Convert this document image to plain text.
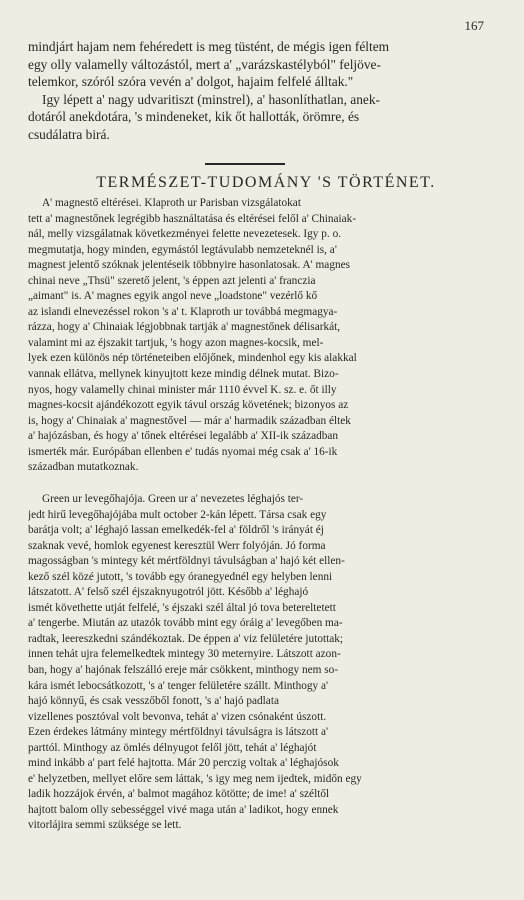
167
mindjárt hajam nem fehéredett is meg tüstént, de mégis igen féltem
egy olly valamelly változástól, mert a' „varázskastélyból" feljöve-
telemkor, szóról szóra vevén a' dolgot, hajaim felfelé álltak."
Igy lépett a' nagy udvaritiszt (minstrel), a' hasonlíthatlan, anek-
dotáról anekdotára, 's mindeneket, kik őt hallották, örömre, és
csudálatra birá.
TERMÉSZET-TUDOMÁNY 'S TÖRTÉNET.
A' magnestő eltérései. Klaproth ur Parisban vizsgálatokat
tett a' magnestőnek legrégibb használtatása és eltérései felől a' Chinaiak-
nál, melly vizsgálatnak következményei felette nevezetesek. Igy p. o.
megmutatja, hogy minden, egymástól legtávulabb nemzeteknél is, a'
magnest jelentő szóknak jelentéseik többnyire hasonlatosak. A' magnes
chinai neve „Thsü" szerető jelent, 's éppen azt jelenti a' franczia
„aimant" is. A' magnes egyik angol neve „loadstone" vezérlő kő
az islandi elnevezéssel rokon 's a' t. Klaproth ur továbbá megmagya-
rázza, hogy a' Chinaiak légjobbnak tartják a' magnestőnek délisarkát,
valamint mi az éjszakit tartjuk, 's hogy azon magnes-kocsik, mel-
lyek ezen különös nép történeteiben előjőnek, mindenhol egy kis alakkal
vannak ellátva, mellynek kinyujtott keze mindig délnek mutat. Bizo-
nyos, hogy valamelly chinai minister már 1110 évvel K. sz. e. őt illy
magnes-kocsit ajándékozott egyik távul ország követének; bizonyos az
is, hogy a' Chinaiak a' magnestővel — már a' harmadik században éltek
a' hajózásban, és hogy a' tőnek eltérései legalább a' XII-ik században
ismerték már. Európában ellenben e' tudás nyomai még csak a' 16-ik
században mutatkoznak.
Green ur levegőhajója. Green ur a' nevezetes léghajós ter-
jedt hirű levegőhajójába mult october 2-kán lépett. Társa csak egy
barátja volt; a' léghajó lassan emelkedék-fel a' földről 's irányát éj
szaknak vevé, homlok egyenest keresztül Werr folyóján. Jó forma
magosságban 's mintegy két mértföldnyi távulságban a' hajó két ellen-
kező szél közé jutott, 's tovább egy óranegyednél egy helyben lenni
látszatott. A' felső szél éjszaknyugotról jött. Később a' léghajó
ismét követhette utját felfelé, 's éjszaki szél által jó tova betereltetett
a' tengerbe. Miután az utazók tovább mint egy óráig a' levegőben ma-
radtak, leereszkedni szándékoztak. De éppen a' viz felületére jutottak;
innen tehát ujra felemelkedtek mintegy 30 meternyire. Látszott azon-
ban, hogy a' hajónak felszálló ereje már csökkent, minthogy nem so-
kára ismét lebocsátkozott, 's a' tenger felületére szállt. Minthogy a'
hajó könnyű, és csak vesszőből fonott, 's a' hajó padlata
vizellenes posztóval volt bevonva, tehát a' vizen csónaként úszott.
Ezen érdekes látmány mintegy mértföldnyi távulságra is látszott a'
parttól. Minthogy az ömlés délnyugot felől jött, tehát a' léghajót
mind inkább a' part felé hajtotta. Már 20 perczig voltak a' léghajósok
e' helyzetben, mellyet előre sem láttak, 's igy meg nem ijedtek, midőn egy
ladik hozzájok érvén, a' balmot magához kötötte; de ime! a' széltől
hajtott balom olly sebességgel vivé maga után a' ladikot, hogy ennek
vitorlájira semmi szüksége se lett.
